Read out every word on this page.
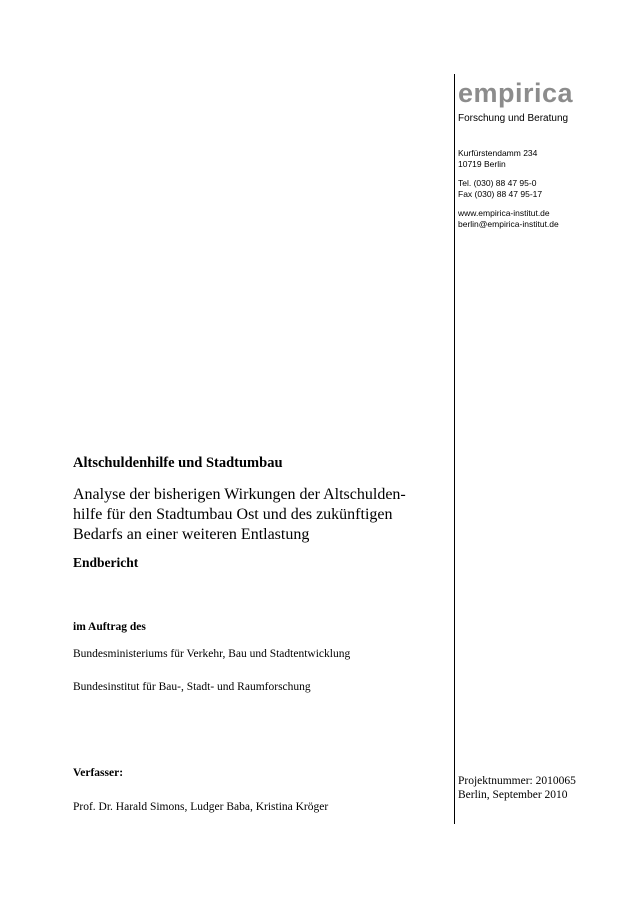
empirica
Forschung und Beratung
Kurfürstendamm 234
10719 Berlin
Tel. (030) 88 47 95-0
Fax (030) 88 47 95-17
www.empirica-institut.de
berlin@empirica-institut.de
Altschuldenhilfe und Stadtumbau
Analyse der bisherigen Wirkungen der Altschulden-
hilfe für den Stadtumbau Ost und des zukünftigen
Bedarfs an einer weiteren Entlastung
Endbericht
im Auftrag des
Bundesministeriums für Verkehr, Bau und Stadtentwicklung
Bundesinstitut für Bau-, Stadt- und Raumforschung
Verfasser:
Prof. Dr. Harald Simons, Ludger Baba, Kristina Kröger
Projektnummer: 2010065
Berlin, September 2010
